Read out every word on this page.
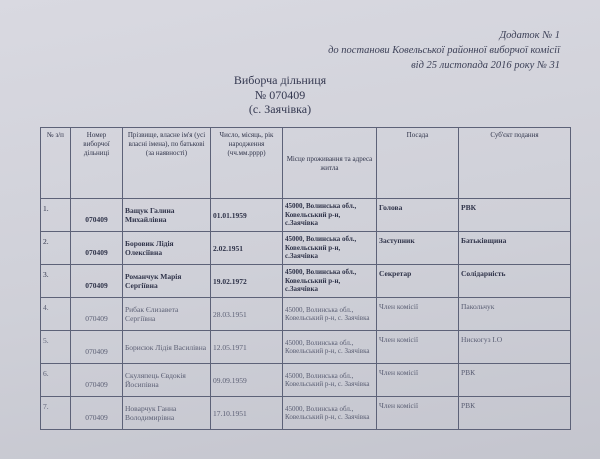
Додаток № 1
до постанови Ковельської районної виборчої комісії
від 25 листопада 2016 року № 31
Виборча дільниця
№ 070409
(с. Заячівка)
№ з/п	Номер виборчої дільниці	Прізвище, власне ім'я (усі власні імена), по батькові (за наявності)	Число, місяць, рік народження (чч.мм.рррр)	Місце проживання та адреса житла	Посада	Суб'єкт подання
1.	070409	Ващук Галина Михайлівна	01.01.1959	45000, Волинська обл., Ковельський р-н, с.Заячівка	Голова	РВК
2.	070409	Боровик Лідія Олексіївна	2.02.1951	45000, Волинська обл., Ковельський р-н, с.Заячівка	Заступник	Батьківщина
3.	070409	Романчук Марія Сергіївна	19.02.1972	45000, Волинська обл., Ковельський р-н, с.Заячівка	Секретар	Солідарність
4.	070409	Рибак Єлизавета Сергіївна	28.03.1951	45000, Волинська обл., Ковельський р-н, с. Заячівка	Член комісії	Пакольчук
5.	070409	Борисюк Лідія Василівна	12.05.1971	45000, Волинська обл., Ковельський р-н, с. Заячівка	Член комісії	Нискогуз І.О
6.	070409	Скуляпець Євдокія Йосипівна	09.09.1959	45000, Волинська обл., Ковельський р-н, с. Заячівка	Член комісії	РВК
7.	070409	Новарчук Ганна Володимирівна	17.10.1951	45000, Волинська обл., Ковельський р-н, с. Заячівка	Член комісії	РВК
